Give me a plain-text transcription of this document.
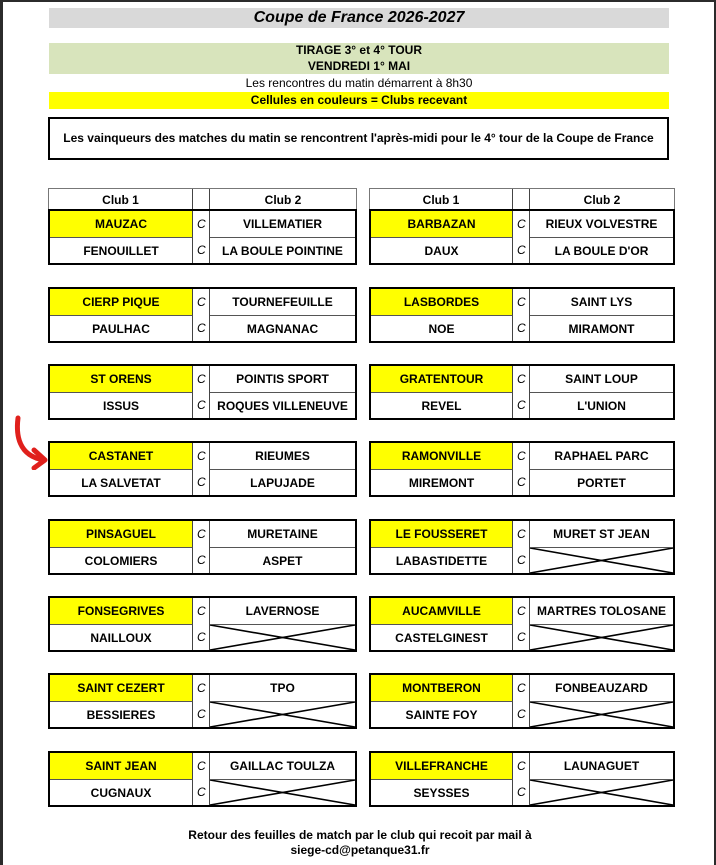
Coupe de France 2026-2027
TIRAGE 3° et 4° TOUR
VENDREDI 1° MAI
Les rencontres du matin démarrent à 8h30
Cellules en couleurs = Clubs recevant
Les vainqueurs des matches du matin se rencontrent l'après-midi pour le 4° tour de la Coupe de France
Club 1	Club 2
MAUZAC	C	VILLEMATIER
FENOUILLET	C	LA BOULE POINTINE
CIERP PIQUE	C	TOURNEFEUILLE
PAULHAC	C	MAGNANAC
ST ORENS	C	POINTIS SPORT
ISSUS	C ROQUES VILLENEUVE
CASTANET	C	RIEUMES
LA SALVETAT	C	LAPUJADE
PINSAGUEL	C	MURETAINE
COLOMIERS	C	ASPET
FONSEGRIVES	C	LAVERNOSE
NAILLOUX	C
SAINT CEZERT	C	TPO
BESSIERES	C
SAINT JEAN	C	GAILLAC TOULZA
CUGNAUX	C
Club 1	Club 2
BARBAZAN	C	RIEUX VOLVESTRE
DAUX	C	LA BOULE D'OR
LASBORDES	C	SAINT LYS
NOE	C	MIRAMONT
GRATENTOUR	C	SAINT LOUP
REVEL	C	L'UNION
RAMONVILLE	C	RAPHAEL PARC
MIREMONT	C	PORTET
LE FOUSSERET	C	MURET ST JEAN
LABASTIDETTE	C
AUCAMVILLE	C MARTRES TOLOSANE
CASTELGINEST	C
MONTBERON	C	FONBEAUZARD
SAINTE FOY	C
VILLEFRANCHE	C	LAUNAGUET
SEYSSES	C
Retour des feuilles de match par le club qui recoit par mail à
siege-cd@petanque31.fr
